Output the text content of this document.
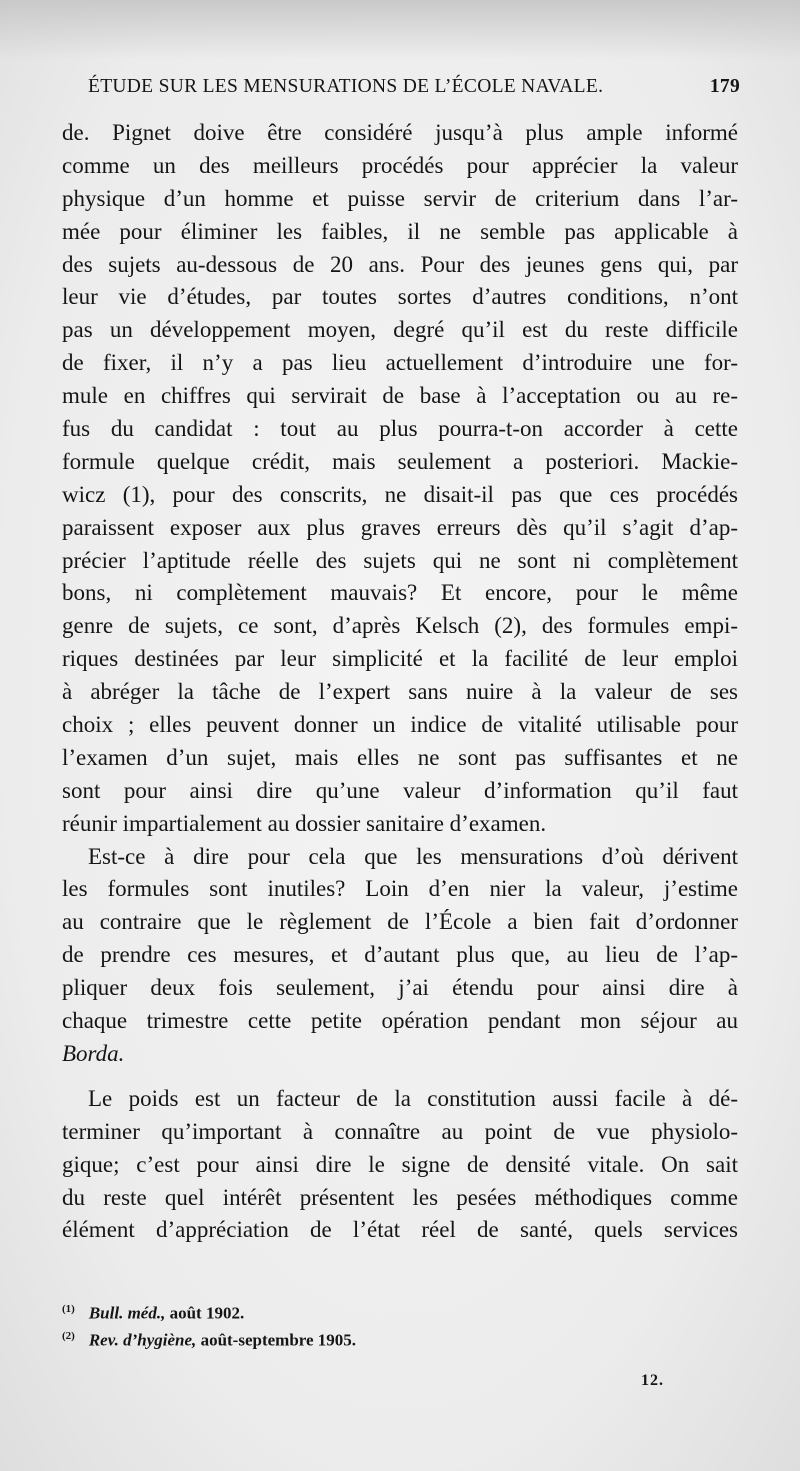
ÉTUDE SUR LES MENSURATIONS DE L’ÉCOLE NAVALE.	179
de. Pignet doive être considéré jusqu’à plus ample informé
comme un des meilleurs procédés pour apprécier la valeur
physique d’un homme et puisse servir de criterium dans l’ar-
mée pour éliminer les faibles, il ne semble pas applicable à
des sujets au-dessous de 20 ans. Pour des jeunes gens qui, par
leur vie d’études, par toutes sortes d’autres conditions, n’ont
pas un développement moyen, degré qu’il est du reste difficile
de fixer, il n’y a pas lieu actuellement d’introduire une for-
mule en chiffres qui servirait de base à l’acceptation ou au re-
fus du candidat : tout au plus pourra-t-on accorder à cette
formule quelque crédit, mais seulement a posteriori. Mackie-
wicz (1), pour des conscrits, ne disait-il pas que ces procédés
paraissent exposer aux plus graves erreurs dès qu’il s’agit d’ap-
précier l’aptitude réelle des sujets qui ne sont ni complètement
bons, ni complètement mauvais? Et encore, pour le même
genre de sujets, ce sont, d’après Kelsch (2), des formules empi-
riques destinées par leur simplicité et la facilité de leur emploi
à abréger la tâche de l’expert sans nuire à la valeur de ses
choix ; elles peuvent donner un indice de vitalité utilisable pour
l’examen d’un sujet, mais elles ne sont pas suffisantes et ne
sont pour ainsi dire qu’une valeur d’information qu’il faut
réunir impartialement au dossier sanitaire d’examen.
Est-ce à dire pour cela que les mensurations d’où dérivent
les formules sont inutiles? Loin d’en nier la valeur, j’estime
au contraire que le règlement de l’École a bien fait d’ordonner
de prendre ces mesures, et d’autant plus que, au lieu de l’ap-
pliquer deux fois seulement, j’ai étendu pour ainsi dire à
chaque trimestre cette petite opération pendant mon séjour au
Borda.
Le poids est un facteur de la constitution aussi facile à dé-
terminer qu’important à connaître au point de vue physiolo-
gique; c’est pour ainsi dire le signe de densité vitale. On sait
du reste quel intérêt présentent les pesées méthodiques comme
élément d’appréciation de l’état réel de santé, quels services
$^{(1)}$ Bull. méd., août 1902.
$^{(2)}$ Rev. d’hygiène, août-septembre 1905.
12.
